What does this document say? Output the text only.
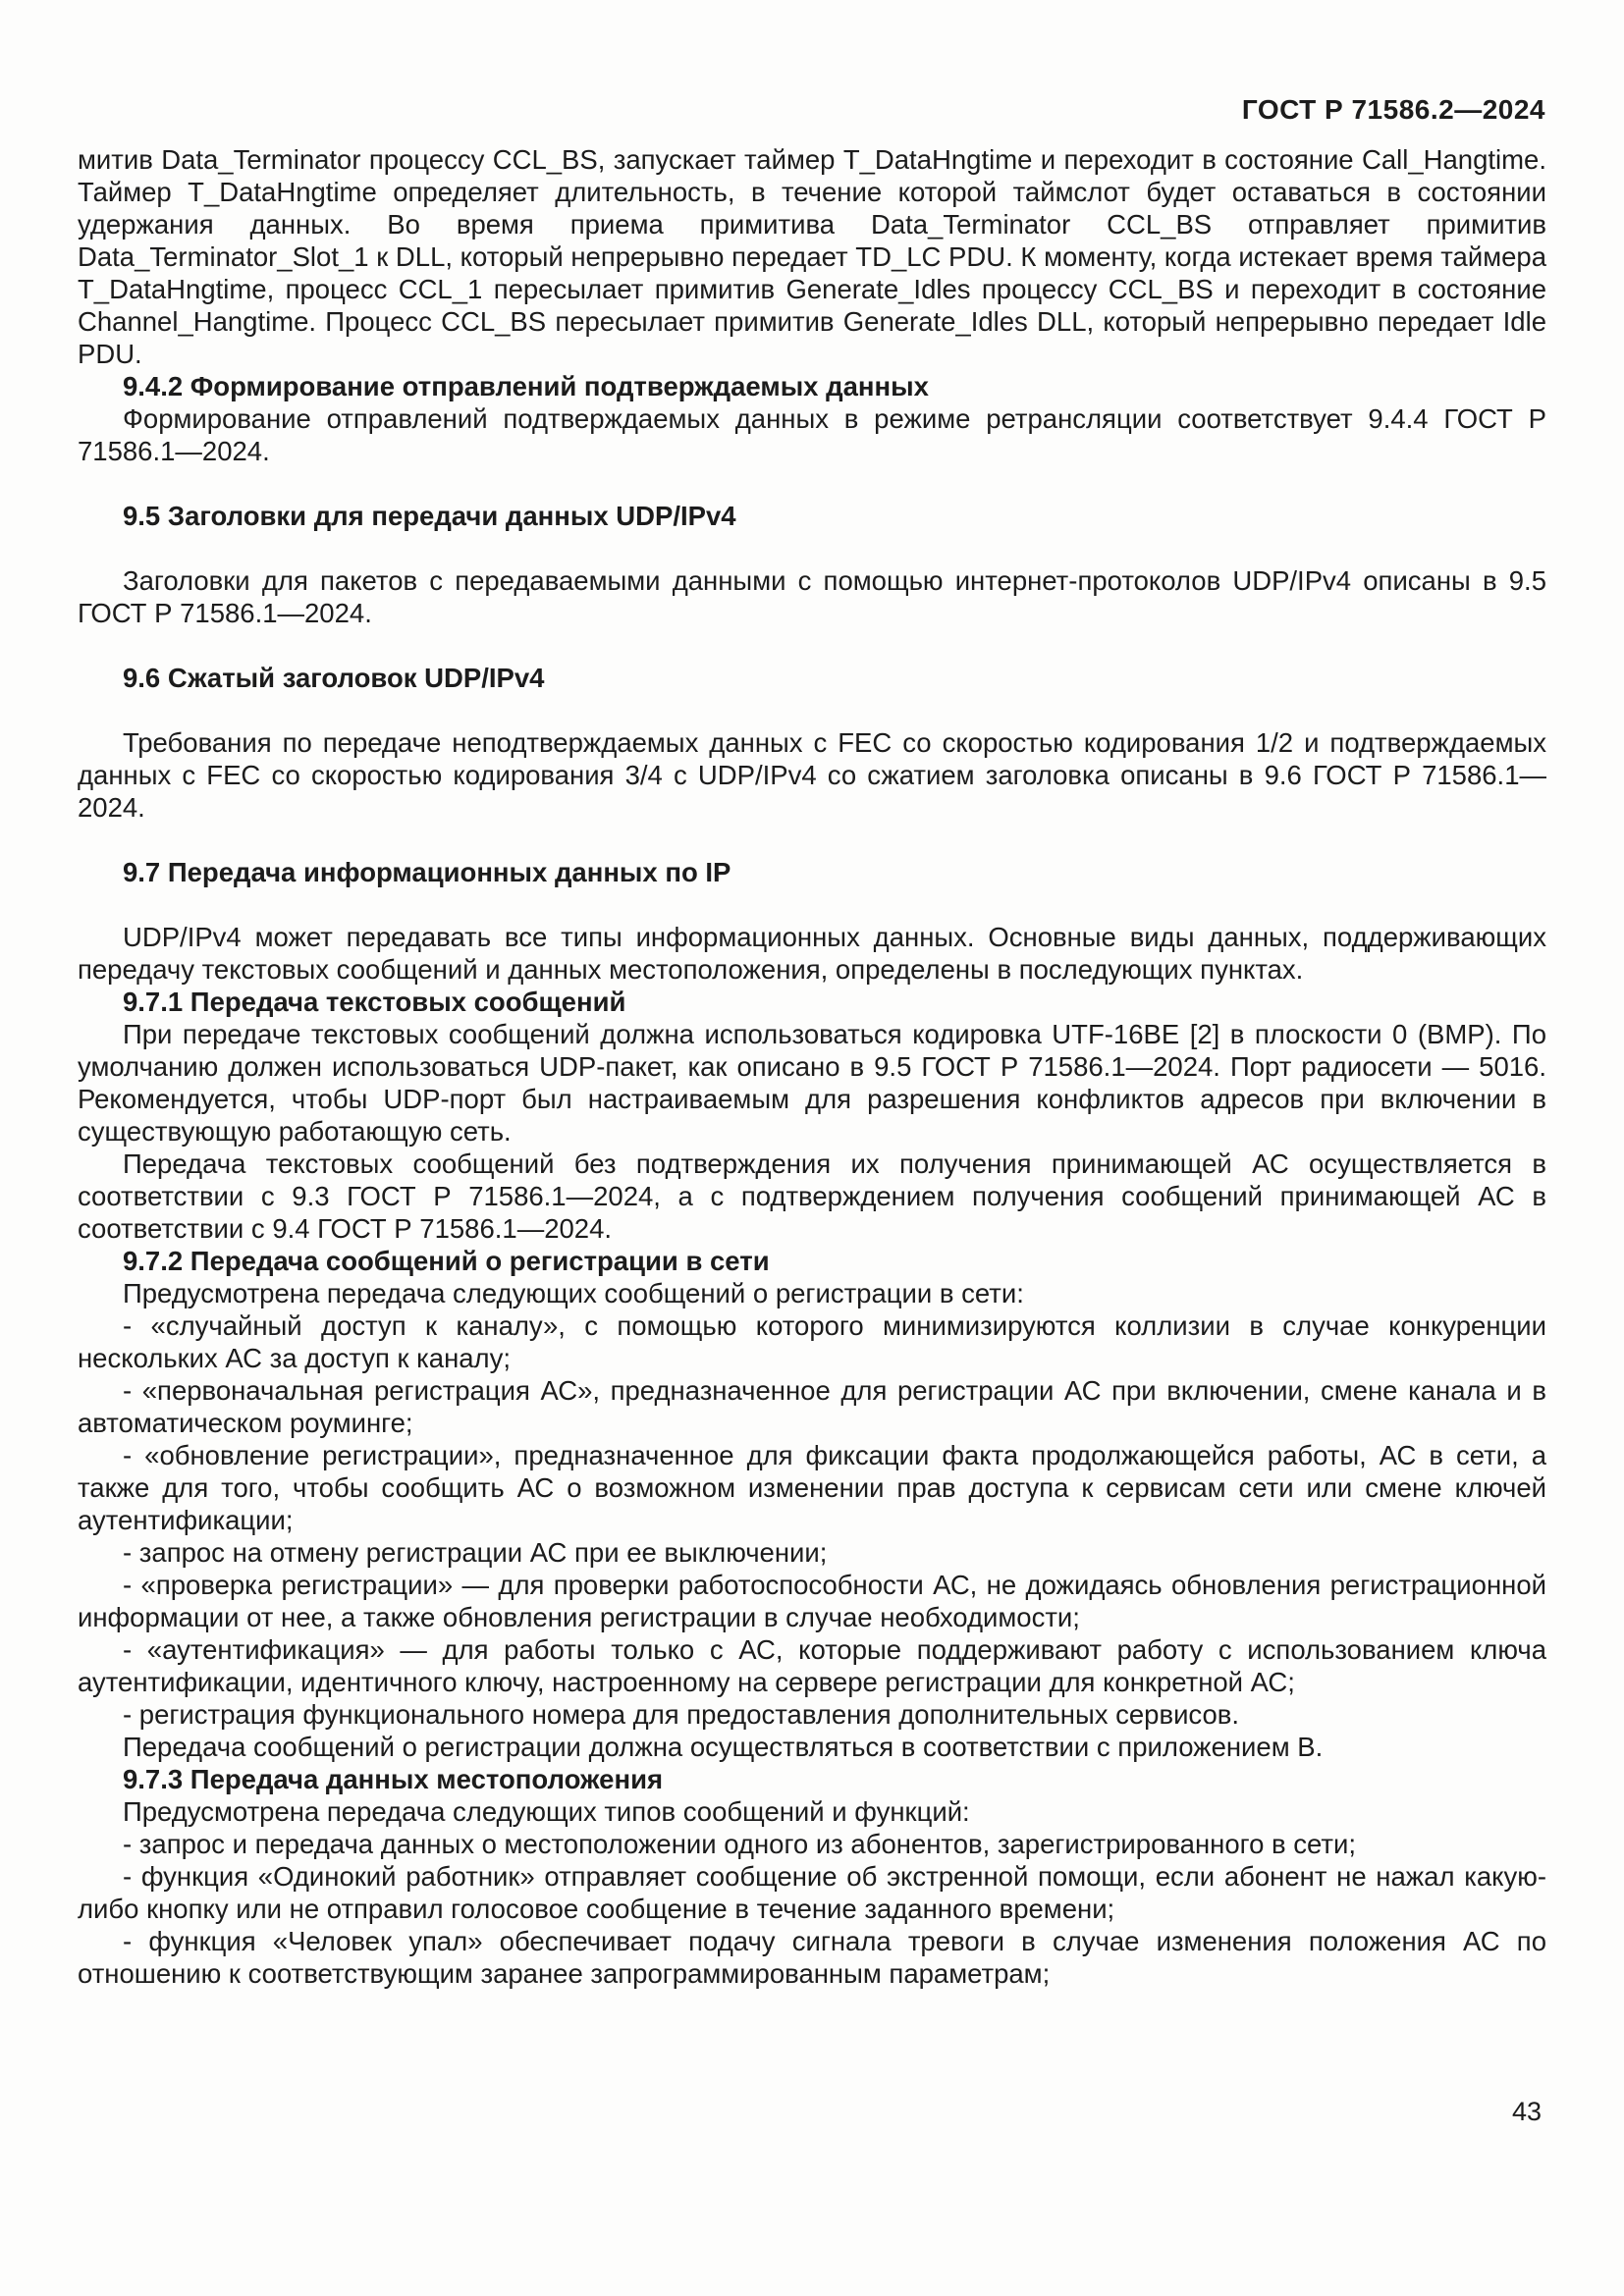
ГОСТ Р 71586.2—2024

митив Data_Terminator процессу CCL_BS, запускает таймер T_DataHngtime и переходит в состояние Call_Hangtime. Таймер T_DataHngtime определяет длительность, в течение которой таймслот будет оставаться в состоянии удержания данных. Во время приема примитива Data_Terminator CCL_BS отправляет примитив Data_Terminator_Slot_1 к DLL, который непрерывно передает TD_LC PDU. К моменту, когда истекает время таймера T_DataHngtime, процесс CCL_1 пересылает примитив Generate_Idles процессу CCL_BS и переходит в состояние Channel_Hangtime. Процесс CCL_BS пересылает примитив Generate_Idles DLL, который непрерывно передает Idle PDU.

9.4.2 Формирование отправлений подтверждаемых данных

Формирование отправлений подтверждаемых данных в режиме ретрансляции соответствует 9.4.4 ГОСТ Р 71586.1—2024.

9.5 Заголовки для передачи данных UDP/IPv4

Заголовки для пакетов с передаваемыми данными с помощью интернет-протоколов UDP/IPv4 описаны в 9.5 ГОСТ Р 71586.1—2024.

9.6 Сжатый заголовок UDP/IPv4

Требования по передаче неподтверждаемых данных с FEC со скоростью кодирования 1/2 и подтверждаемых данных с FEC со скоростью кодирования 3/4 с UDP/IPv4 со сжатием заголовка описаны в 9.6 ГОСТ Р 71586.1—2024.

9.7 Передача информационных данных по IP

UDP/IPv4 может передавать все типы информационных данных. Основные виды данных, поддерживающих передачу текстовых сообщений и данных местоположения, определены в последующих пунктах.

9.7.1 Передача текстовых сообщений

При передаче текстовых сообщений должна использоваться кодировка UTF-16BE [2] в плоскости 0 (BMP). По умолчанию должен использоваться UDP-пакет, как описано в 9.5 ГОСТ Р 71586.1—2024. Порт радиосети — 5016. Рекомендуется, чтобы UDP-порт был настраиваемым для разрешения конфликтов адресов при включении в существующую работающую сеть.

Передача текстовых сообщений без подтверждения их получения принимающей АС осуществляется в соответствии с 9.3 ГОСТ Р 71586.1—2024, а с подтверждением получения сообщений принимающей АС в соответствии с 9.4 ГОСТ Р 71586.1—2024.

9.7.2 Передача сообщений о регистрации в сети

Предусмотрена передача следующих сообщений о регистрации в сети:

- «случайный доступ к каналу», с помощью которого минимизируются коллизии в случае конкуренции нескольких АС за доступ к каналу;

- «первоначальная регистрация АС», предназначенное для регистрации АС при включении, смене канала и в автоматическом роуминге;

- «обновление регистрации», предназначенное для фиксации факта продолжающейся работы, АС в сети, а также для того, чтобы сообщить АС о возможном изменении прав доступа к сервисам сети или смене ключей аутентификации;

- запрос на отмену регистрации АС при ее выключении;

- «проверка регистрации» — для проверки работоспособности АС, не дожидаясь обновления регистрационной информации от нее, а также обновления регистрации в случае необходимости;

- «аутентификация» — для работы только с АС, которые поддерживают работу с использованием ключа аутентификации, идентичного ключу, настроенному на сервере регистрации для конкретной АС;

- регистрация функционального номера для предоставления дополнительных сервисов.

Передача сообщений о регистрации должна осуществляться в соответствии с приложением В.

9.7.3 Передача данных местоположения

Предусмотрена передача следующих типов сообщений и функций:

- запрос и передача данных о местоположении одного из абонентов, зарегистрированного в сети;

- функция «Одинокий работник» отправляет сообщение об экстренной помощи, если абонент не нажал какую-либо кнопку или не отправил голосовое сообщение в течение заданного времени;

- функция «Человек упал» обеспечивает подачу сигнала тревоги в случае изменения положения АС по отношению к соответствующим заранее запрограммированным параметрам;

43
